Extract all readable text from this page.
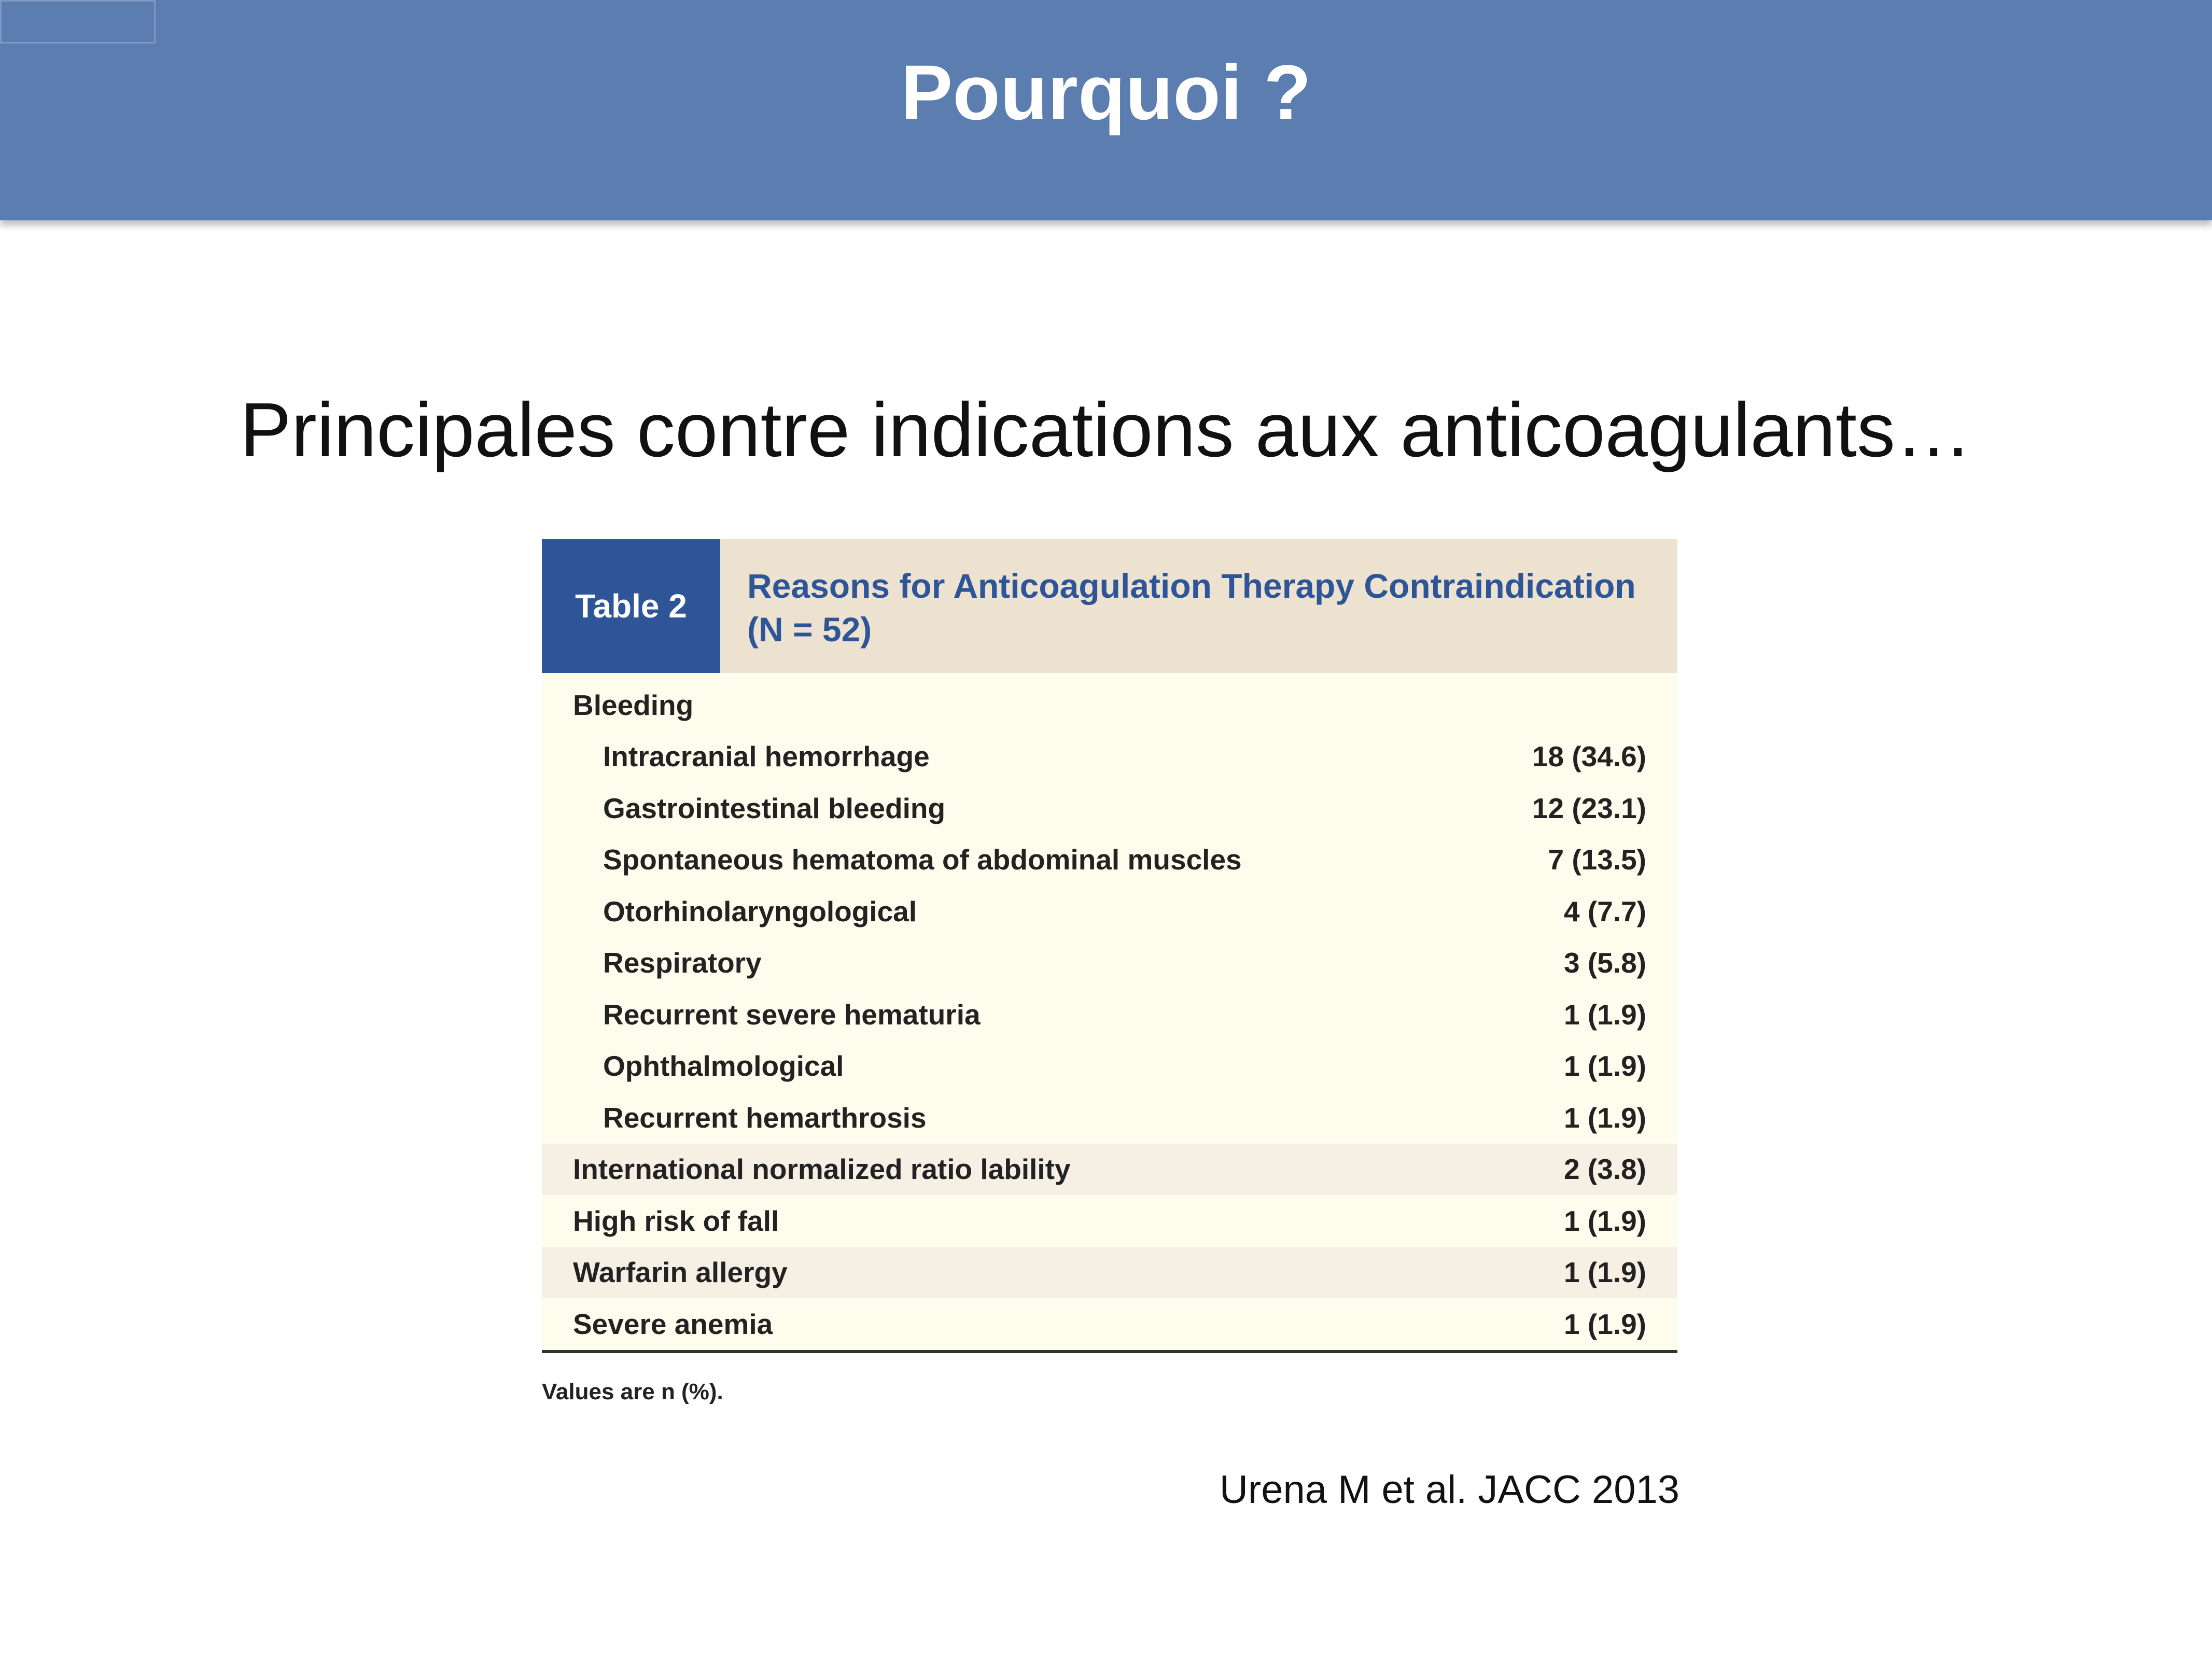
Pourquoi ?
Principales contre indications aux anticoagulants…
Table 2
Reasons for Anticoagulation Therapy Contraindication
(N = 52)
Bleeding
Intracranial hemorrhage	18 (34.6)
Gastrointestinal bleeding	12 (23.1)
Spontaneous hematoma of abdominal muscles	7 (13.5)
Otorhinolaryngological	4 (7.7)
Respiratory	3 (5.8)
Recurrent severe hematuria	1 (1.9)
Ophthalmological	1 (1.9)
Recurrent hemarthrosis	1 (1.9)
International normalized ratio lability	2 (3.8)
High risk of fall	1 (1.9)
Warfarin allergy	1 (1.9)
Severe anemia	1 (1.9)
Values are n (%).
Urena M et al. JACC 2013
